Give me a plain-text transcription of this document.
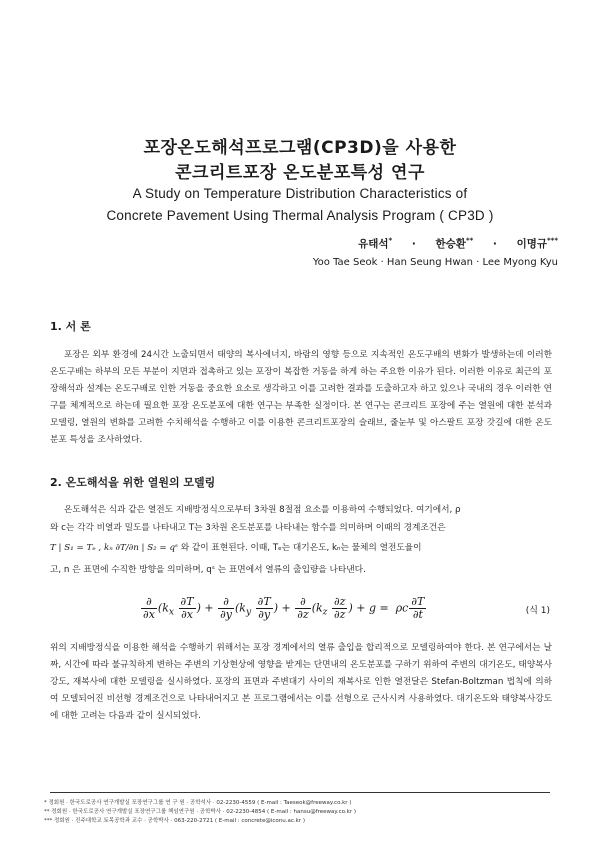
포장온도해석프로그램(CP3D)을 사용한
콘크리트포장 온도분포특성 연구
A Study on Temperature Distribution Characteristics of
Concrete Pavement Using Thermal Analysis Program ( CP3D )
유태석* · 한승환** · 이명규***
Yoo Tae Seok · Han Seung Hwan · Lee Myong Kyu
1. 서 론
포장은 외부 환경에 24시간 노출되면서 태양의 복사에너지, 바람의 영향 등으로 지속적인 온도구배의 변화가 발생하는데 이러한 온도구배는 하부의 모든 부분이 지면과 접촉하고 있는 포장이 복잡한 거동을 하게 하는 주요한 이유가 된다. 이러한 이유로 최근의 포장해석과 설계는 온도구배로 인한 거동을 중요한 요소로 생각하고 이를 고려한 결과를 도출하고자 하고 있으나 국내의 경우 이러한 연구를 체계적으로 하는데 필요한 포장 온도분포에 대한 연구는 부족한 실정이다. 본 연구는 콘크리트 포장에 주는 열원에 대한 분석과 모델링, 열원의 변화를 고려한 수치해석을 수행하고 이를 이용한 콘크리트포장의 슬래브, 줄눈부 및 아스팔트 포장 갓길에 대한 온도분포 특성을 조사하였다.
2. 온도해석을 위한 열원의 모델링
온도해석은 식과 같은 열전도 지배방정식으로부터 3차원 8절점 요소를 이용하여 수행되었다. 여기에서, ρ
와 c는 각각 비열과 밀도를 나타내고 T는 3차원 온도분포를 나타내는 함수를 의미하며 이때의 경계조건은
T | S₁ = Tₑ , kₙ ∂T/∂n | S₂ = qˢ 와 같이 표현된다. 이때, Tₑ는 대기온도, kₙ는 물체의 열전도율이
고, n 은 표면에 수직한 방향을 의미하며, qˢ 는 표면에서 열류의 출입량을 나타낸다.
$\frac{\partial}{\partial x} (k_x \frac{\partial T}{\partial x}$ ) + $\frac{\partial}{\partial y} (k_y \frac{\partial T}{\partial y}$ ) + $\frac{\partial}{\partial z} (k_z \frac{\partial z}{\partial z}$ ) + g =  ρc $\frac{\partial T}{\partial t}$	(식 1)
위의 지배방정식을 이용한 해석을 수행하기 위해서는 포장 경계에서의 열류 출입을 합리적으로 모델링하여야 한다. 본 연구에서는 날짜, 시간에 따라 불규칙하게 변하는 주변의 기상현상에 영향을 받게는 단면내의 온도분포를 구하기 위하여 주변의 대기온도, 태양복사강도, 재복사에 대한 모델링을 실시하였다. 포장의 표면과 주변대기 사이의 재복사로 인한 열전달은 Stefan-Boltzman 법칙에 의하여 모델되어진 비선형 경계조건으로 나타내어지고 본 프로그램에서는 이를 선형으로 근사시켜 사용하였다. 대기온도와 태양복사강도에 대한 고려는 다음과 같이 실시되었다.
* 정회원 · 한국도로공사 연구개발실 포장연구그룹 연 구 원 · 공학석사 · 02-2230-4559 ( E-mail : Taeseok@freeway.co.kr )
** 정회원 · 한국도로공사 연구개발실 포장연구그룹 책임연구원 · 공학박사 · 02-2230-4854 ( E-mail : hansu@freeway.co.kr )
*** 정회원 · 진주대학교 토목공학과 교수 · 공학박사 · 063-220-2721 ( E-mail : concrete@iconu.ac.kr )
